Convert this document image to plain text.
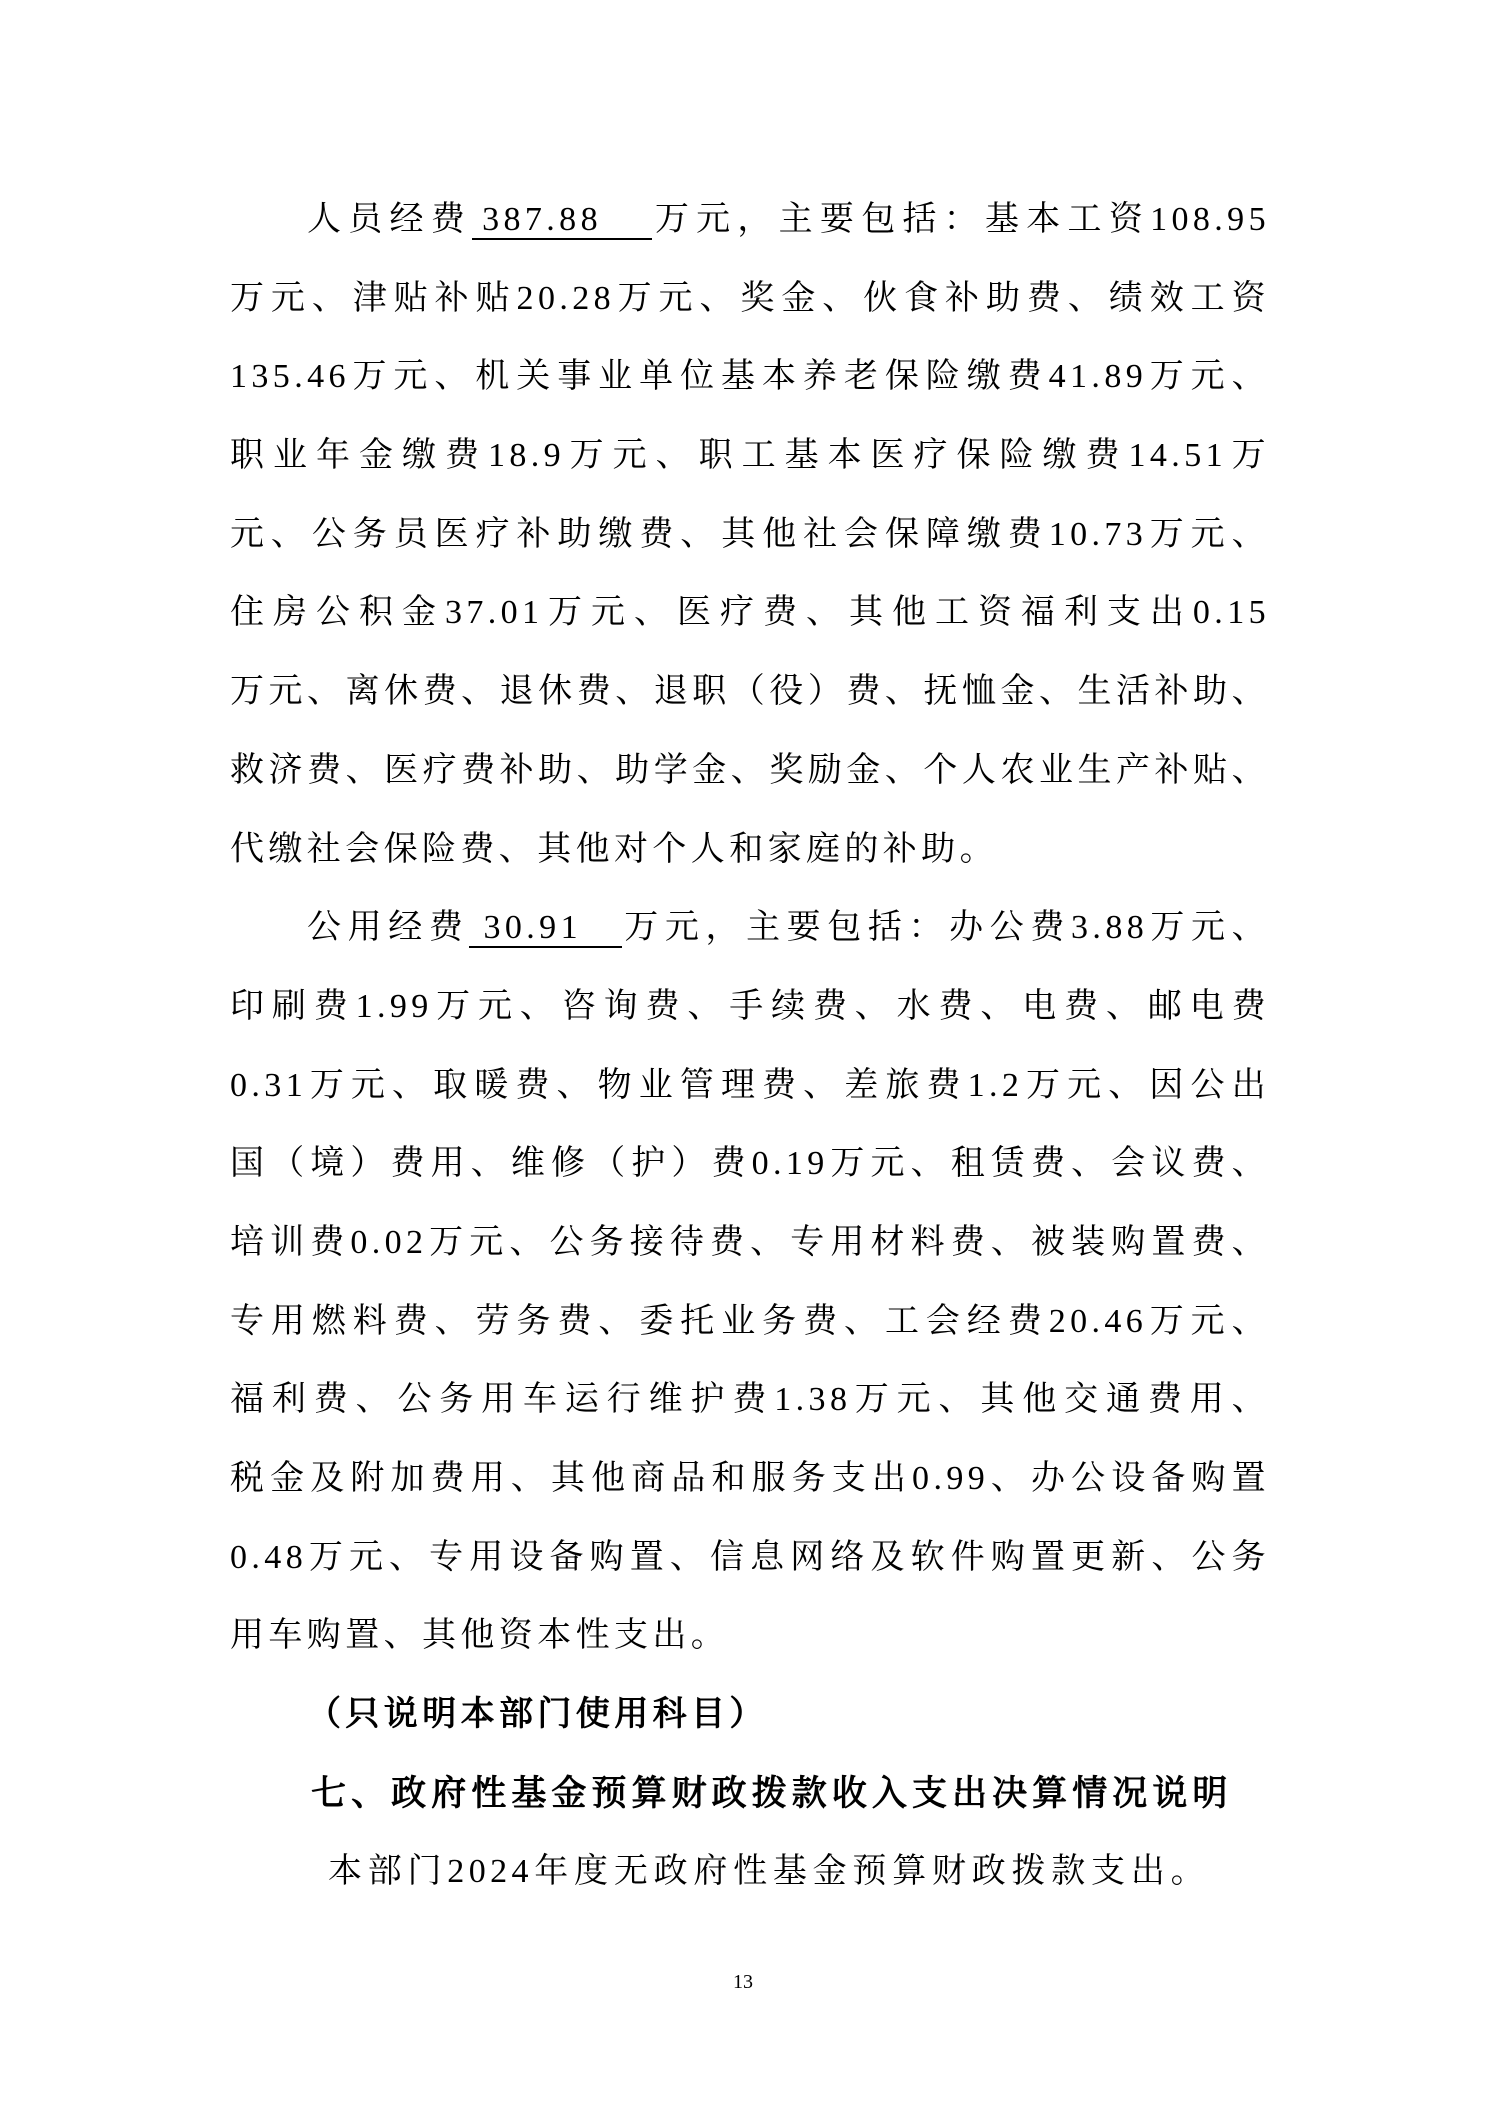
人员经费 387.88 万元，主要包括：基本工资108.95
万元、津贴补贴20.28万元、奖金、伙食补助费、绩效工资
135.46万元、机关事业单位基本养老保险缴费41.89万元、
职业年金缴费18.9万元、职工基本医疗保险缴费14.51万
元、公务员医疗补助缴费、其他社会保障缴费10.73万元、
住房公积金37.01万元、医疗费、其他工资福利支出0.15
万元、离休费、退休费、退职（役）费、抚恤金、生活补助、
救济费、医疗费补助、助学金、奖励金、个人农业生产补贴、
代缴社会保险费、其他对个人和家庭的补助。
公用经费 30.91 万元，主要包括：办公费3.88万元、
印刷费1.99万元、咨询费、手续费、水费、电费、邮电费
0.31万元、取暖费、物业管理费、差旅费1.2万元、因公出
国（境）费用、维修（护）费0.19万元、租赁费、会议费、
培训费0.02万元、公务接待费、专用材料费、被装购置费、
专用燃料费、劳务费、委托业务费、工会经费20.46万元、
福利费、公务用车运行维护费1.38万元、其他交通费用、
税金及附加费用、其他商品和服务支出0.99、办公设备购置
0.48万元、专用设备购置、信息网络及软件购置更新、公务
用车购置、其他资本性支出。
（只说明本部门使用科目）
七、政府性基金预算财政拨款收入支出决算情况说明
本部门2024年度无政府性基金预算财政拨款支出。
13
